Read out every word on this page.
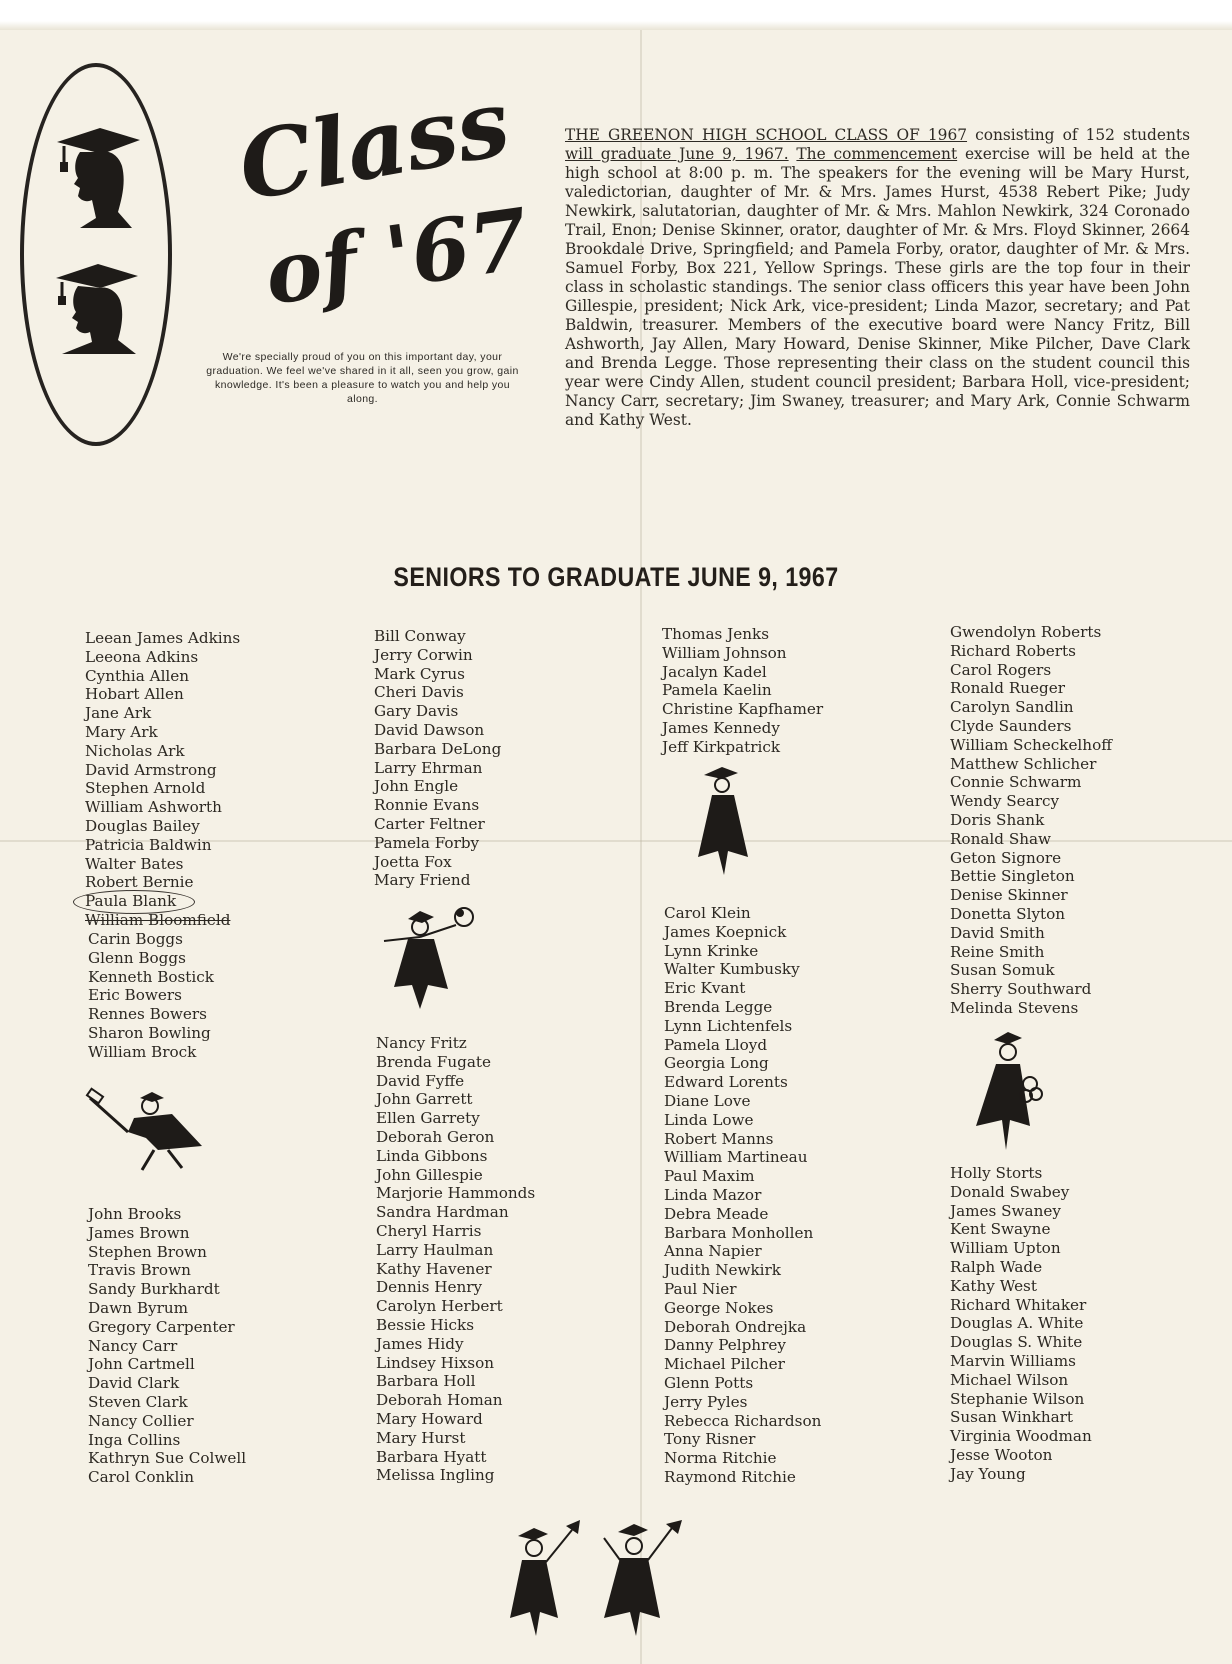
Class
of '67
We're specially proud of you on this important day, your graduation. We feel we've shared in it all, seen you grow, gain knowledge. It's been a pleasure to watch you and help you along.
THE GREENON HIGH SCHOOL CLASS OF 1967 consisting of 152 students will graduate June 9, 1967. The commencement exercise will be held at the high school at 8:00 p. m. The speakers for the evening will be Mary Hurst, valedictorian, daughter of Mr. & Mrs. James Hurst, 4538 Rebert Pike; Judy Newkirk, salutatorian, daughter of Mr. & Mrs. Mahlon Newkirk, 324 Coronado Trail, Enon; Denise Skinner, orator, daughter of Mr. & Mrs. Floyd Skinner, 2664 Brookdale Drive, Springfield; and Pamela Forby, orator, daughter of Mr. & Mrs. Samuel Forby, Box 221, Yellow Springs. These girls are the top four in their class in scholastic standings. The senior class officers this year have been John Gillespie, president; Nick Ark, vice-president; Linda Mazor, secretary; and Pat Baldwin, treasurer. Members of the executive board were Nancy Fritz, Bill Ashworth, Jay Allen, Mary Howard, Denise Skinner, Mike Pilcher, Dave Clark and Brenda Legge. Those representing their class on the student council this year were Cindy Allen, student council president; Barbara Holl, vice-president; Nancy Carr, secretary; Jim Swaney, treasurer; and Mary Ark, Connie Schwarm and Kathy West.
SENIORS TO GRADUATE JUNE 9, 1967
Leean James Adkins
Leeona Adkins
Cynthia Allen
Hobart Allen
Jane Ark
Mary Ark
Nicholas Ark
David Armstrong
Stephen Arnold
William Ashworth
Douglas Bailey
Patricia Baldwin
Walter Bates
Robert Bernie
Paula Blank
William Bloomfield
Carin Boggs
Glenn Boggs
Kenneth Bostick
Eric Bowers
Rennes Bowers
Sharon Bowling
William Brock
John Brooks
James Brown
Stephen Brown
Travis Brown
Sandy Burkhardt
Dawn Byrum
Gregory Carpenter
Nancy Carr
John Cartmell
David Clark
Steven Clark
Nancy Collier
Inga Collins
Kathryn Sue Colwell
Carol Conklin
Bill Conway
Jerry Corwin
Mark Cyrus
Cheri Davis
Gary Davis
David Dawson
Barbara DeLong
Larry Ehrman
John Engle
Ronnie Evans
Carter Feltner
Pamela Forby
Joetta Fox
Mary Friend
Nancy Fritz
Brenda Fugate
David Fyffe
John Garrett
Ellen Garrety
Deborah Geron
Linda Gibbons
John Gillespie
Marjorie Hammonds
Sandra Hardman
Cheryl Harris
Larry Haulman
Kathy Havener
Dennis Henry
Carolyn Herbert
Bessie Hicks
James Hidy
Lindsey Hixson
Barbara Holl
Deborah Homan
Mary Howard
Mary Hurst
Barbara Hyatt
Melissa Ingling
Thomas Jenks
William Johnson
Jacalyn Kadel
Pamela Kaelin
Christine Kapfhamer
James Kennedy
Jeff Kirkpatrick
Carol Klein
James Koepnick
Lynn Krinke
Walter Kumbusky
Eric Kvant
Brenda Legge
Lynn Lichtenfels
Pamela Lloyd
Georgia Long
Edward Lorents
Diane Love
Linda Lowe
Robert Manns
William Martineau
Paul Maxim
Linda Mazor
Debra Meade
Barbara Monhollen
Anna Napier
Judith Newkirk
Paul Nier
George Nokes
Deborah Ondrejka
Danny Pelphrey
Michael Pilcher
Glenn Potts
Jerry Pyles
Rebecca Richardson
Tony Risner
Norma Ritchie
Raymond Ritchie
Gwendolyn Roberts
Richard Roberts
Carol Rogers
Ronald Rueger
Carolyn Sandlin
Clyde Saunders
William Scheckelhoff
Matthew Schlicher
Connie Schwarm
Wendy Searcy
Doris Shank
Ronald Shaw
Geton Signore
Bettie Singleton
Denise Skinner
Donetta Slyton
David Smith
Reine Smith
Susan Somuk
Sherry Southward
Melinda Stevens
Holly Storts
Donald Swabey
James Swaney
Kent Swayne
William Upton
Ralph Wade
Kathy West
Richard Whitaker
Douglas A. White
Douglas S. White
Marvin Williams
Michael Wilson
Stephanie Wilson
Susan Winkhart
Virginia Woodman
Jesse Wooton
Jay Young
